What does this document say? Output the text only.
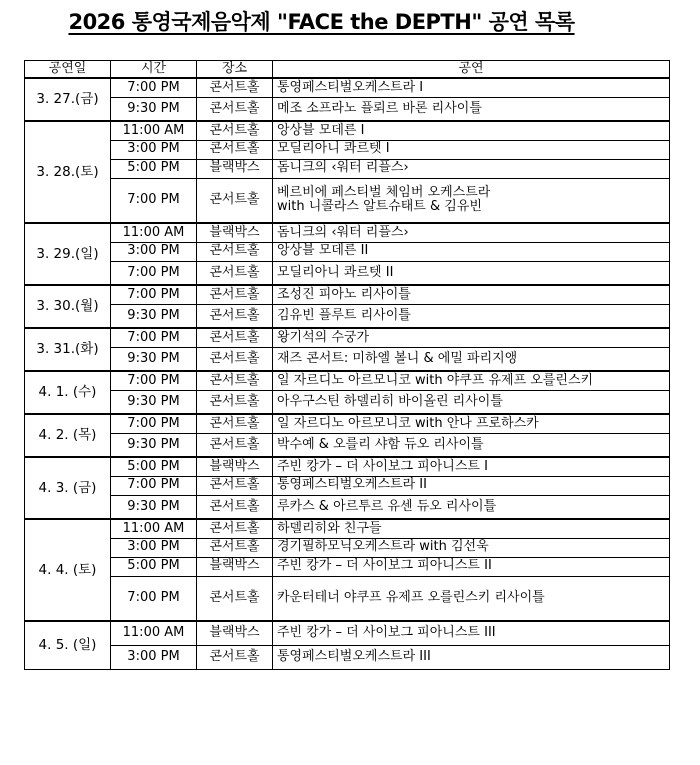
2026 통영국제음악제 "FACE the DEPTH" 공연 목록
공연일	시간	장소	공연
3. 27.(금)	7:00 PM	콘서트홀	통영페스티벌오케스트라 I
	9:30 PM	콘서트홀	메조 소프라노 플뢰르 바론 리사이틀
3. 28.(토)	11:00 AM	콘서트홀	앙상블 모데른 I
	3:00 PM	콘서트홀	모딜리아니 콰르텟 I
	5:00 PM	블랙박스	돔니크의 ‹워터 리플스›
	7:00 PM	콘서트홀	베르비에 페스티벌 체임버 오케스트라
with 니콜라스 알트슈태트 & 김유빈

3. 29.(일)	11:00 AM	블랙박스	돔니크의 ‹워터 리플스›
	3:00 PM	콘서트홀	앙상블 모데른 II
	7:00 PM	콘서트홀	모딜리아니 콰르텟 II
3. 30.(월)	7:00 PM	콘서트홀	조성진 피아노 리사이틀
	9:30 PM	콘서트홀	김유빈 플루트 리사이틀
3. 31.(화)	7:00 PM	콘서트홀	왕기석의 수궁가
	9:30 PM	콘서트홀	재즈 콘서트: 미하엘 볼니 & 에밀 파리지앵
4. 1. (수)	7:00 PM	콘서트홀	일 자르디노 아르모니코 with 야쿠프 유제프 오를린스키
	9:30 PM	콘서트홀	아우구스틴 하델리히 바이올린 리사이틀
4. 2. (목)	7:00 PM	콘서트홀	일 자르디노 아르모니코 with 안나 프로하스카
	9:30 PM	콘서트홀	박수예 & 오를리 샤함 듀오 리사이틀
4. 3. (금)	5:00 PM	블랙박스	주빈 캉가 – 더 사이보그 피아니스트 I
	7:00 PM	콘서트홀	통영페스티벌오케스트라 II
	9:30 PM	콘서트홀	루카스 & 아르투르 유센 듀오 리사이틀
4. 4. (토)	11:00 AM	콘서트홀	하델리히와 친구들
	3:00 PM	콘서트홀	경기필하모닉오케스트라 with 김선욱
	5:00 PM	블랙박스	주빈 캉가 – 더 사이보그 피아니스트 II
	7:00 PM	콘서트홀	카운터테너 야쿠프 유제프 오를린스키 리사이틀
4. 5. (일)	11:00 AM	블랙박스	주빈 캉가 – 더 사이보그 피아니스트 III
	3:00 PM	콘서트홀	통영페스티벌오케스트라 III
